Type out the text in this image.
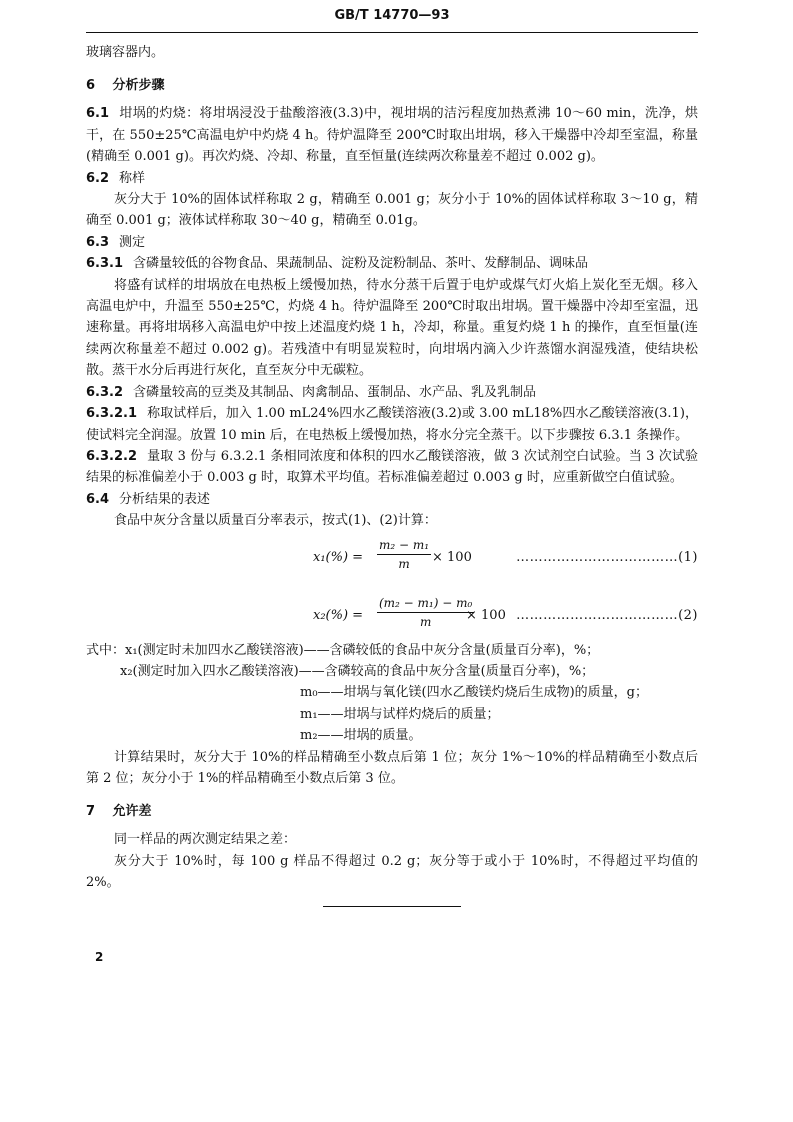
GB/T 14770—93

玻璃容器内。

6 分析步骤

6.1 坩埚的灼烧：将坩埚浸没于盐酸溶液(3.3)中，视坩埚的洁污程度加热煮沸 10～60 min，洗净，烘干，在 550±25℃高温电炉中灼烧 4 h。待炉温降至 200℃时取出坩埚，移入干燥器中冷却至室温，称量(精确至 0.001 g)。再次灼烧、冷却、称量，直至恒量(连续两次称量差不超过 0.002 g)。

6.2 称样

灰分大于 10%的固体试样称取 2 g，精确至 0.001 g；灰分小于 10%的固体试样称取 3～10 g，精确至 0.001 g；液体试样称取 30～40 g，精确至 0.01g。

6.3 测定

6.3.1 含磷量较低的谷物食品、果蔬制品、淀粉及淀粉制品、茶叶、发酵制品、调味品

将盛有试样的坩埚放在电热板上缓慢加热，待水分蒸干后置于电炉或煤气灯火焰上炭化至无烟。移入高温电炉中，升温至 550±25℃，灼烧 4 h。待炉温降至 200℃时取出坩埚。置干燥器中冷却至室温，迅速称量。再将坩埚移入高温电炉中按上述温度灼烧 1 h，冷却，称量。重复灼烧 1 h 的操作，直至恒量(连续两次称量差不超过 0.002 g)。若残渣中有明显炭粒时，向坩埚内滴入少许蒸馏水润湿残渣，使结块松散。蒸干水分后再进行灰化，直至灰分中无碳粒。

6.3.2 含磷量较高的豆类及其制品、肉禽制品、蛋制品、水产品、乳及乳制品

6.3.2.1 称取试样后，加入 1.00 mL24%四水乙酸镁溶液(3.2)或 3.00 mL18%四水乙酸镁溶液(3.1)，使试料完全润湿。放置 10 min 后，在电热板上缓慢加热，将水分完全蒸干。以下步骤按 6.3.1 条操作。

6.3.2.2 量取 3 份与 6.3.2.1 条相同浓度和体积的四水乙酸镁溶液，做 3 次试剂空白试验。当 3 次试验结果的标准偏差小于 0.003 g 时，取算术平均值。若标准偏差超过 0.003 g 时，应重新做空白值试验。

6.4 分析结果的表述

食品中灰分含量以质量百分率表示，按式(1)、(2)计算：

$x_1(\%) = \frac{\text{m₂ − m₁}}{m} \times 100$	………………………………(1)
$x_2(\%) = \frac{\text{(m₂ − m₁) − m₀}}{m}$
× 100 ………………………………(2)

式中：x₁(测定时未加四水乙酸镁溶液)——含磷较低的食品中灰分含量(质量百分率)，%；

x₂(测定时加入四水乙酸镁溶液)——含磷较高的食品中灰分含量(质量百分率)，%；

m₀——坩埚与氧化镁(四水乙酸镁灼烧后生成物)的质量，g；

m₁——坩埚与试样灼烧后的质量；

m₂——坩埚的质量。

计算结果时，灰分大于 10%的样品精确至小数点后第 1 位；灰分 1%～10%的样品精确至小数点后第 2 位；灰分小于 1%的样品精确至小数点后第 3 位。

7 允许差

同一样品的两次测定结果之差：

灰分大于 10%时，每 100 g 样品不得超过 0.2 g；灰分等于或小于 10%时，不得超过平均值的 2%。

2
